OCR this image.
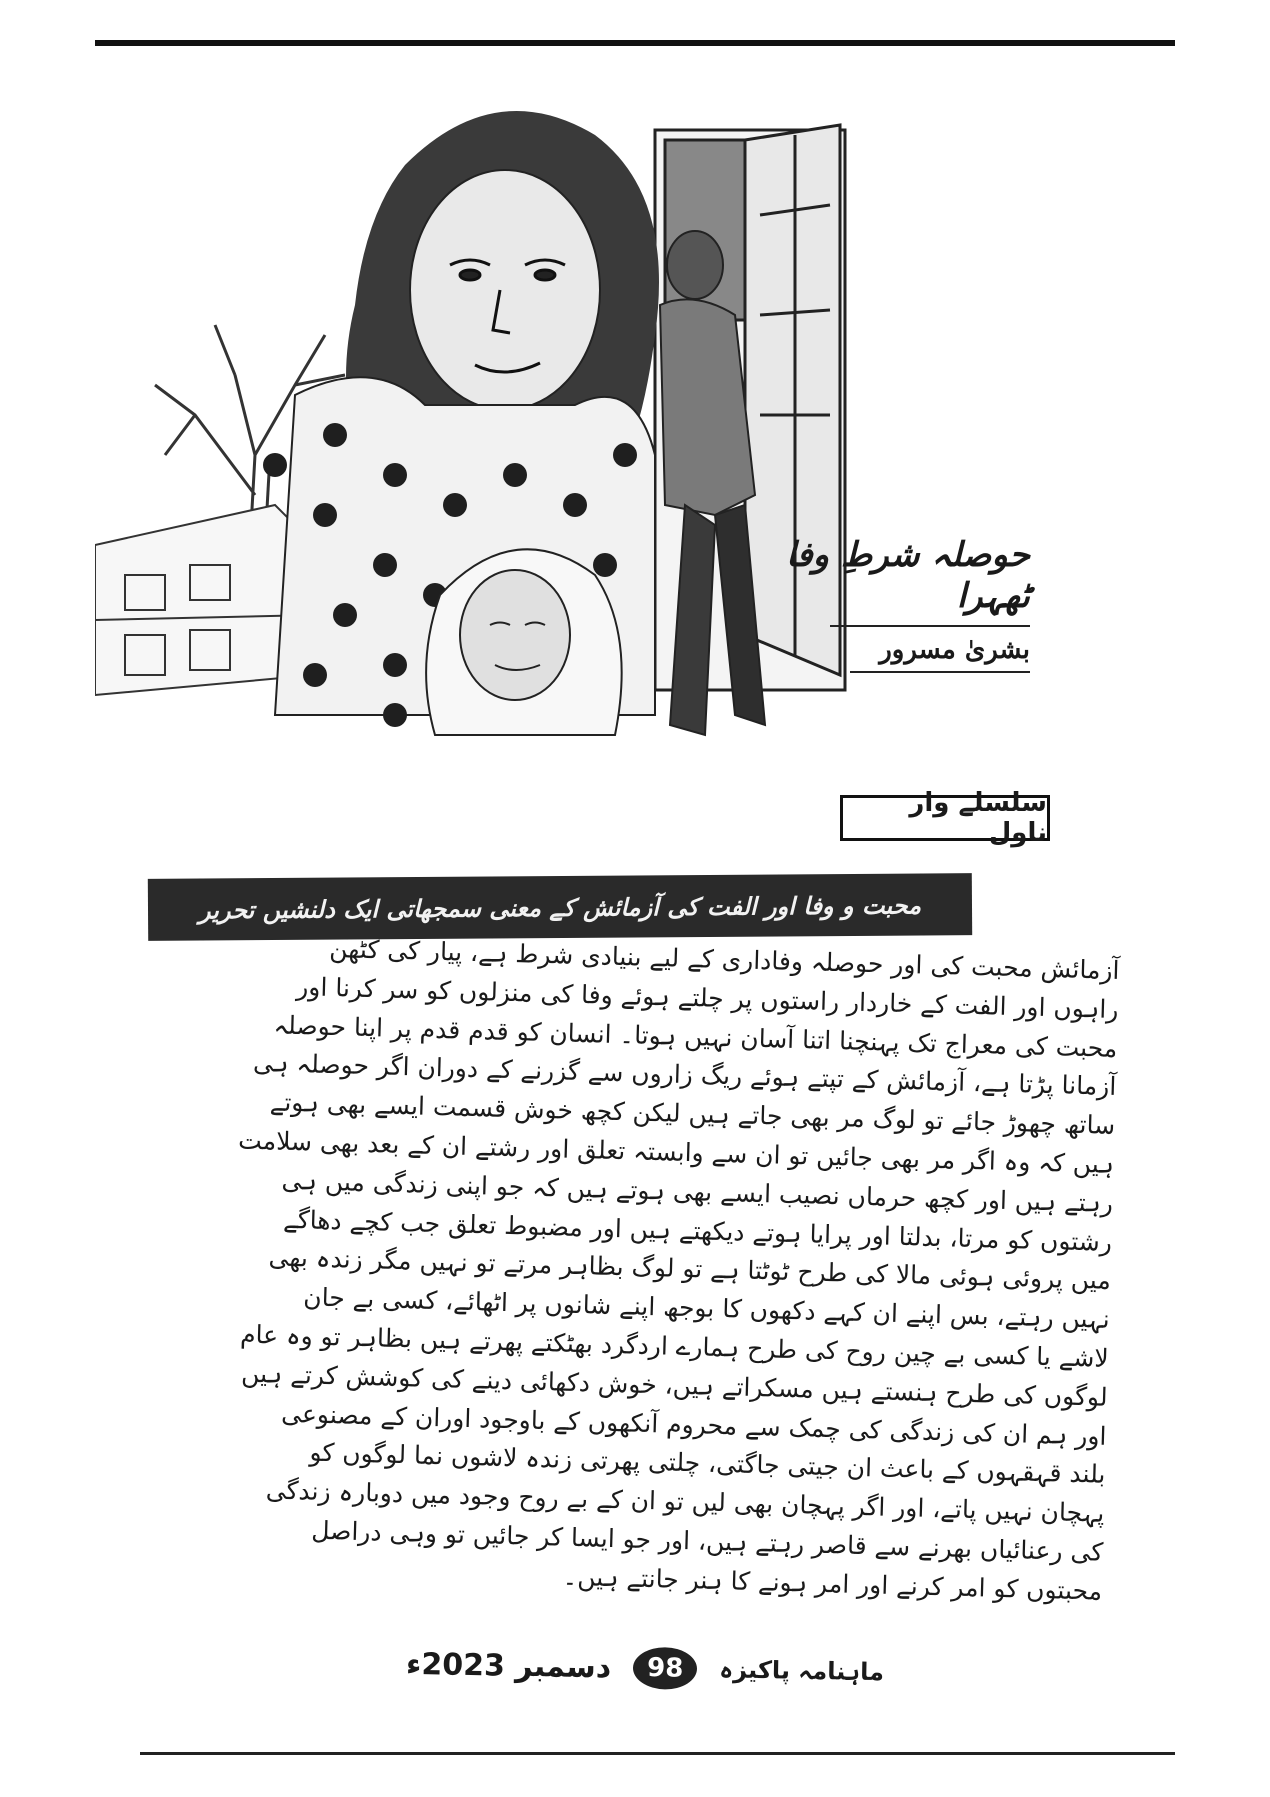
حوصلہ شرطِ وفا ٹھہرا
بشریٰ مسرور
سلسلے وار ناول
محبت و وفا اور الفت کی آزمائش کے معنی سمجھاتی ایک دلنشیں تحریر

آزمائش محبت کی اور حوصلہ وفاداری کے لیے بنیادی شرط ہے، پیار کی کٹھن

راہوں اور الفت کے خاردار راستوں پر چلتے ہوئے وفا کی منزلوں کو سر کرنا اور

محبت کی معراج تک پہنچنا اتنا آسان نہیں ہوتا۔ انسان کو قدم قدم پر اپنا حوصلہ

آزمانا پڑتا ہے، آزمائش کے تپتے ہوئے ریگ زاروں سے گزرنے کے دوران اگر حوصلہ ہی

ساتھ چھوڑ جائے تو لوگ مر بھی جاتے ہیں لیکن کچھ خوش قسمت ایسے بھی ہوتے

ہیں کہ وہ اگر مر بھی جائیں تو ان سے وابستہ تعلق اور رشتے ان کے بعد بھی سلامت

رہتے ہیں اور کچھ حرماں نصیب ایسے بھی ہوتے ہیں کہ جو اپنی زندگی میں ہی

رشتوں کو مرتا، بدلتا اور پرایا ہوتے دیکھتے ہیں اور مضبوط تعلق جب کچے دھاگے

میں پروئی ہوئی مالا کی طرح ٹوٹتا ہے تو لوگ بظاہر مرتے تو نہیں مگر زندہ بھی

نہیں رہتے، بس اپنے ان کہے دکھوں کا بوجھ اپنے شانوں پر اٹھائے، کسی بے جان

لاشے یا کسی بے چین روح کی طرح ہمارے اردگرد بھٹکتے پھرتے ہیں بظاہر تو وہ عام

لوگوں کی طرح ہنستے ہیں مسکراتے ہیں، خوش دکھائی دینے کی کوشش کرتے ہیں

اور ہم ان کی زندگی کی چمک سے محروم آنکھوں کے باوجود اوران کے مصنوعی

بلند قہقہوں کے باعث ان جیتی جاگتی، چلتی پھرتی زندہ لاشوں نما لوگوں کو

پہچان نہیں پاتے، اور اگر پہچان بھی لیں تو ان کے بے روح وجود میں دوبارہ زندگی

کی رعنائیاں بھرنے سے قاصر رہتے ہیں، اور جو ایسا کر جائیں تو وہی دراصل

محبتوں کو امر کرنے اور امر ہونے کا ہنر جانتے ہیں۔

ماہنامہ پاکیزہ
98
دسمبر 2023ء
